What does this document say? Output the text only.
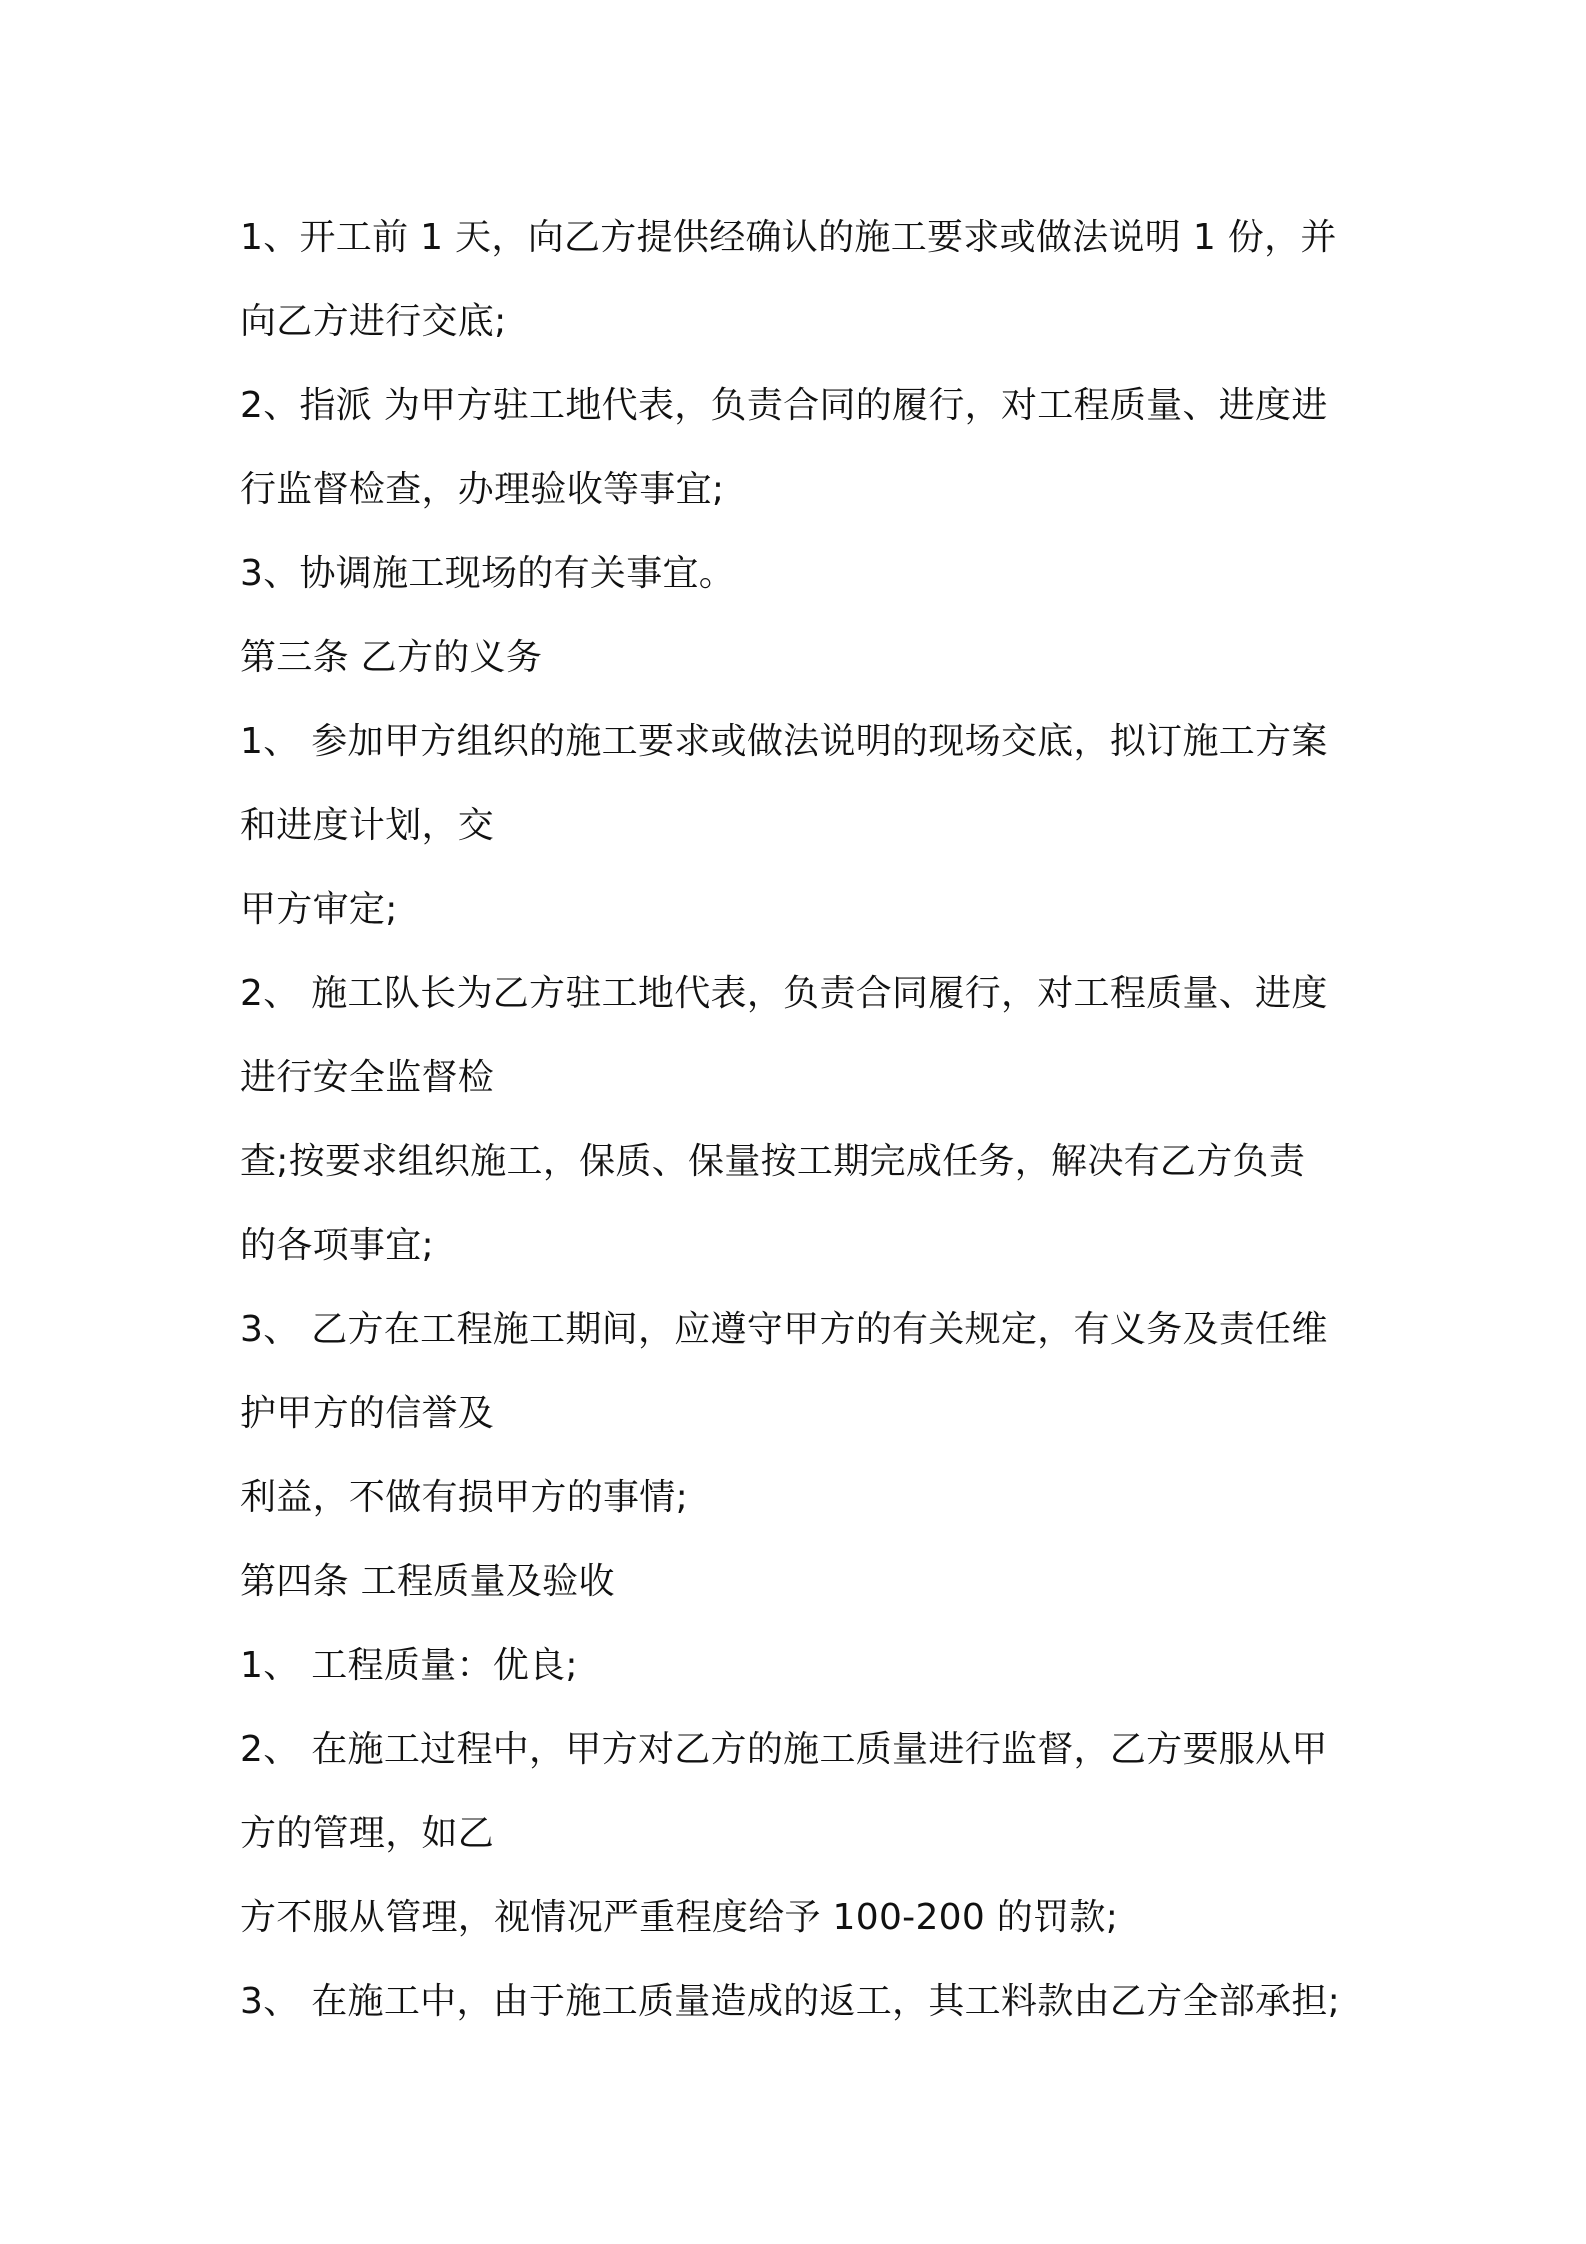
1、开工前 1 天，向乙方提供经确认的施工要求或做法说明 1 份，并
向乙方进行交底;
2、指派 为甲方驻工地代表，负责合同的履行，对工程质量、进度进
行监督检查，办理验收等事宜;
3、协调施工现场的有关事宜。
第三条 乙方的义务
1、 参加甲方组织的施工要求或做法说明的现场交底，拟订施工方案
和进度计划，交
甲方审定;
2、 施工队长为乙方驻工地代表，负责合同履行，对工程质量、进度
进行安全监督检
查;按要求组织施工，保质、保量按工期完成任务，解决有乙方负责
的各项事宜;
3、 乙方在工程施工期间，应遵守甲方的有关规定，有义务及责任维
护甲方的信誉及
利益，不做有损甲方的事情;
第四条 工程质量及验收
1、 工程质量：优良;
2、 在施工过程中，甲方对乙方的施工质量进行监督，乙方要服从甲
方的管理，如乙
方不服从管理，视情况严重程度给予 100-200 的罚款;
3、 在施工中，由于施工质量造成的返工，其工料款由乙方全部承担;
